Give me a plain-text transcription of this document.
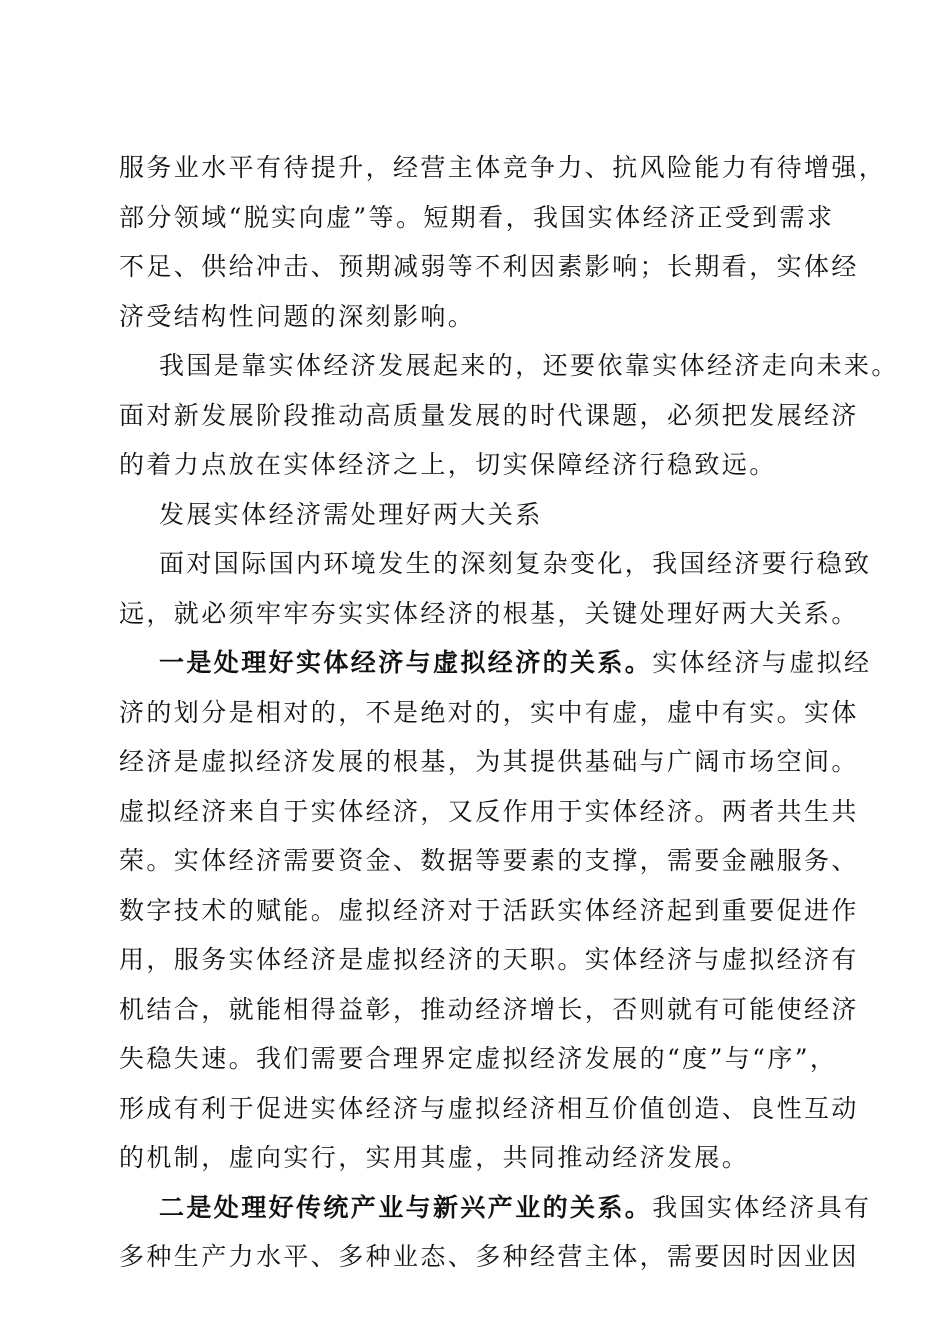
服务业水平有待提升，经营主体竞争力、抗风险能力有待增强，
部分领域“脱实向虚”等。短期看，我国实体经济正受到需求
不足、供给冲击、预期减弱等不利因素影响；长期看，实体经
济受结构性问题的深刻影响。
我国是靠实体经济发展起来的，还要依靠实体经济走向未来。
面对新发展阶段推动高质量发展的时代课题，必须把发展经济
的着力点放在实体经济之上，切实保障经济行稳致远。
发展实体经济需处理好两大关系
面对国际国内环境发生的深刻复杂变化，我国经济要行稳致
远，就必须牢牢夯实实体经济的根基，关键处理好两大关系。
一是处理好实体经济与虚拟经济的关系。实体经济与虚拟经
济的划分是相对的，不是绝对的，实中有虚，虚中有实。实体
经济是虚拟经济发展的根基，为其提供基础与广阔市场空间。
虚拟经济来自于实体经济，又反作用于实体经济。两者共生共
荣。实体经济需要资金、数据等要素的支撑，需要金融服务、
数字技术的赋能。虚拟经济对于活跃实体经济起到重要促进作
用，服务实体经济是虚拟经济的天职。实体经济与虚拟经济有
机结合，就能相得益彰，推动经济增长，否则就有可能使经济
失稳失速。我们需要合理界定虚拟经济发展的“度”与“序”，
形成有利于促进实体经济与虚拟经济相互价值创造、良性互动
的机制，虚向实行，实用其虚，共同推动经济发展。
二是处理好传统产业与新兴产业的关系。我国实体经济具有
多种生产力水平、多种业态、多种经营主体，需要因时因业因
